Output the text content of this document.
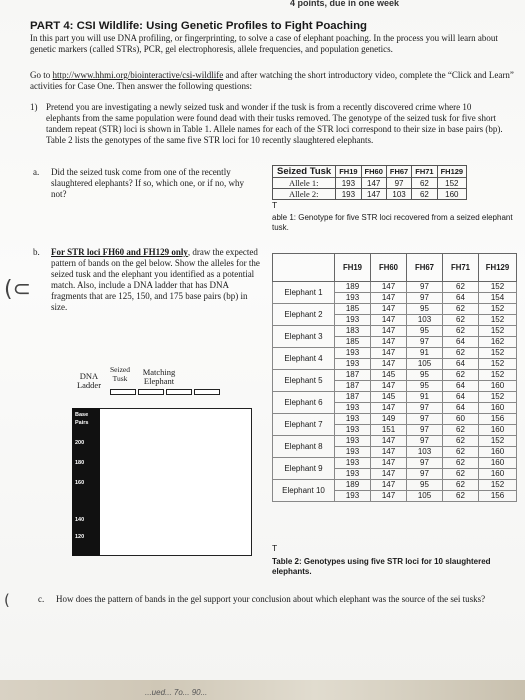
4 points, due in one week
PART 4: CSI Wildlife: Using Genetic Profiles to Fight Poaching
In this part you will use DNA profiling, or fingerprinting, to solve a case of elephant poaching. In the process you will learn about genetic markers (called STRs), PCR, gel electrophoresis, allele frequencies, and population genetics.
Go to http://www.hhmi.org/biointeractive/csi-wildlife and after watching the short introductory video, complete the “Click and Learn” activities for Case One. Then answer the following questions:
1) Pretend you are investigating a newly seized tusk and wonder if the tusk is from a recently discovered crime where 10 elephants from the same population were found dead with their tusks removed. The genotype of the seized tusk for five short tandem repeat (STR) loci is shown in Table 1. Allele names for each of the STR loci correspond to their size in base pairs (bp). Table 2 lists the genotypes of the same five STR loci for 10 recently slaughtered elephants.
a. Did the seized tusk come from one of the recently slaughtered elephants? If so, which one, or if no, why not?
Seized Tusk	FH19	FH60	FH67	FH71	FH129
Allele 1:	193	147	97	62	152
Allele 2:	193	147	103	62	160
T
able 1: Genotype for five STR loci recovered from a seized elephant tusk.
b. For STR loci FH60 and FH129 only, draw the expected pattern of bands on the gel below. Show the alleles for the seized tusk and the elephant you identified as a potential match. Also, include a DNA ladder that has DNA fragments that are 125, 150, and 175 base pairs (bp) in size.
(⊂
DNA
Ladder
Seized
Tusk
Matching
Elephant
Base
Pairs
200
180
160
140
120
	FH19	FH60	FH67	FH71	FH129
Elephant 1	189	147	97	62	152
	193	147	97	64	154
Elephant 2	185	147	95	62	152
	193	147	103	62	152
Elephant 3	183	147	95	62	152
	185	147	97	64	162
Elephant 4	193	147	91	62	152
	193	147	105	64	152
Elephant 5	187	145	95	62	152
	187	147	95	64	160
Elephant 6	187	145	91	64	152
	193	147	97	64	160
Elephant 7	193	149	97	60	156
	193	151	97	62	160
Elephant 8	193	147	97	62	152
	193	147	103	62	160
Elephant 9	193	147	97	62	160
	193	147	97	62	160
Elephant 10	189	147	95	62	152
	193	147	105	62	156
T
Table 2: Genotypes using five STR loci for 10 slaughtered elephants.
(	c. How does the pattern of bands in the gel support your conclusion about which elephant was the source of the sei tusks?
...ued... 7o... 90...
